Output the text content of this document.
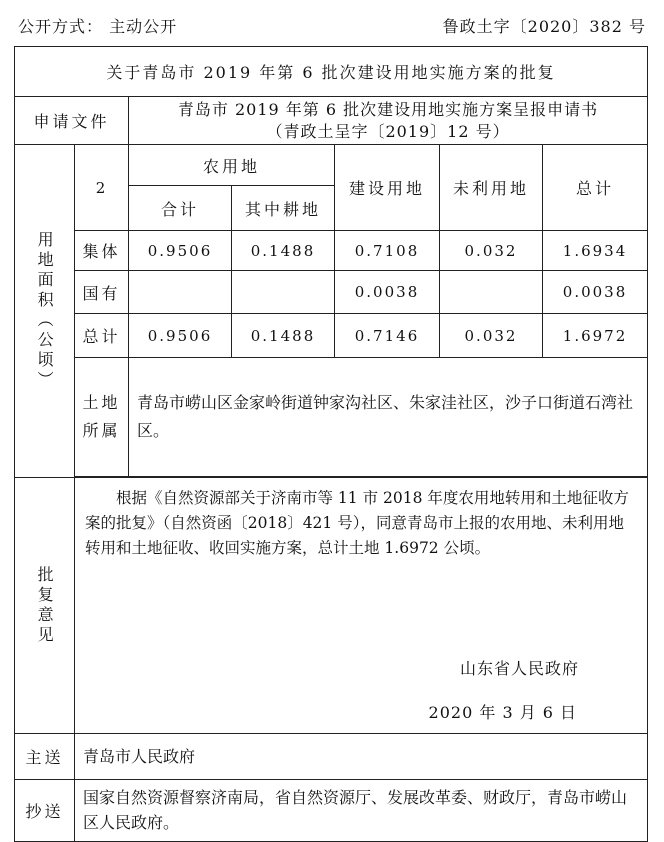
公开方式： 主动公开	鲁政土字〔2020〕382 号
关于青岛市 2019 年第 6 批次建设用地实施方案的批复						
申请文件		青岛市 2019 年第 6 批次建设用地实施方案呈报申请书
（青政土呈字〔2019〕12 号）				

用地面积（公顷）	2	农用地		建设用地	未利用地	总计
		合计	其中耕地			
	集体	0.9506	0.1488	0.7108	0.032	1.6934
	国有			0.0038		0.0038
	总计	0.9506	0.1488	0.7146	0.032	1.6972
	土地所属	青岛市崂山区金家岭街道钟家沟社区、朱家洼社区，沙子口街道石湾社区。				

批复意见	根据《自然资源部关于济南市等 11 市 2018 年度农用地转用和土地征收方案的批复》（自然资函〔2018〕421 号），同意青岛市上报的农用地、未利用地转用和土地征收、收回实施方案，总计土地 1.6972 公顷。
山东省人民政府
2020 年 3 月 6 日					

主送	青岛市人民政府					
抄送	国家自然资源督察济南局，省自然资源厅、发展改革委、财政厅，青岛市崂山区人民政府。					
